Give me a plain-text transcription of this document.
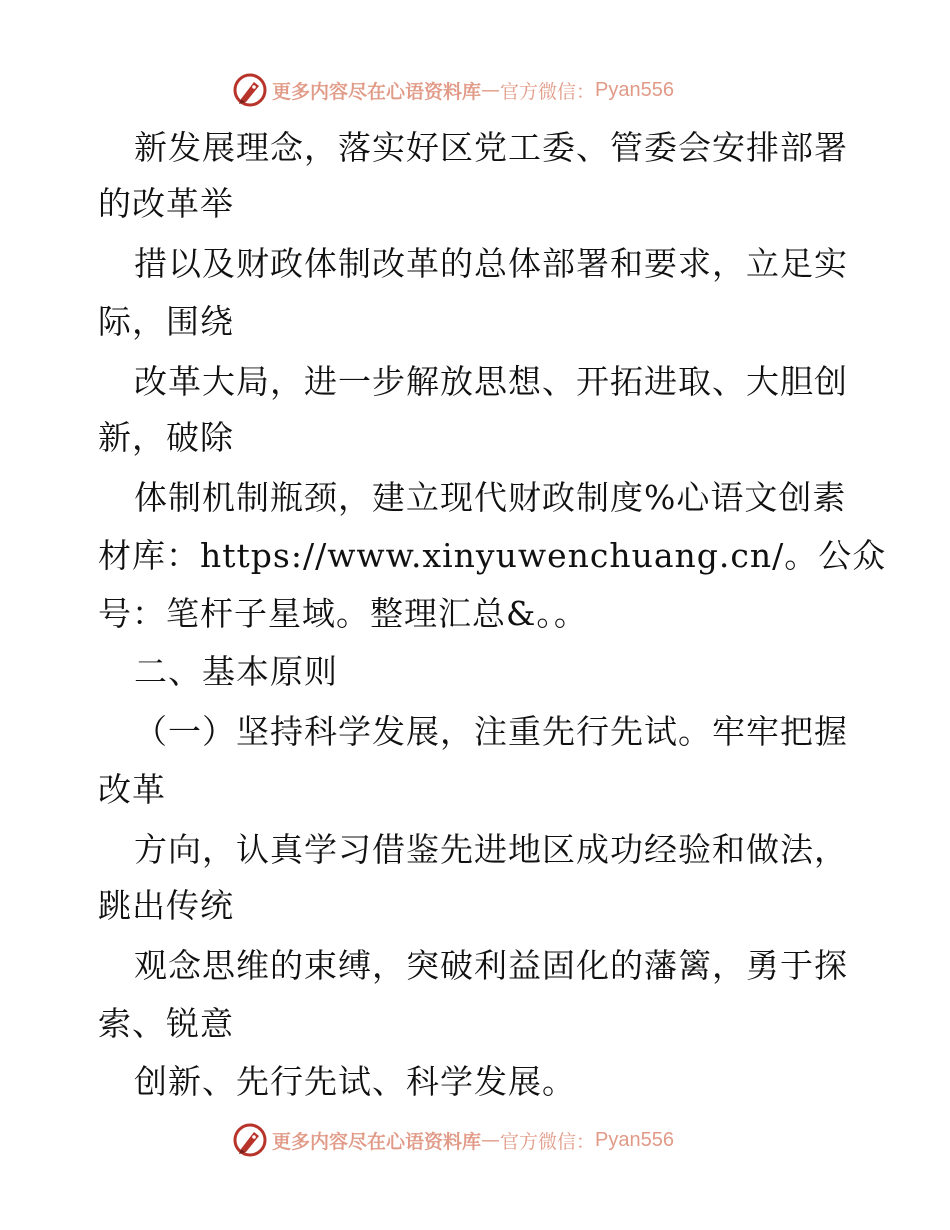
更多内容尽在心语资料库 — 官方微信： Pyan556
新发展理念，落实好区党工委、管委会安排部署
的改革举
措以及财政体制改革的总体部署和要求，立足实
际，围绕
改革大局，进一步解放思想、开拓进取、大胆创
新，破除
体制机制瓶颈，建立现代财政制度%心语文创素
材库：https://www.xinyuwenchuang.cn/。公众
号：笔杆子星域。整理汇总&。。
二、基本原则
（一）坚持科学发展，注重先行先试。牢牢把握
改革
方向，认真学习借鉴先进地区成功经验和做法，
跳出传统
观念思维的束缚，突破利益固化的藩篱，勇于探
索、锐意
创新、先行先试、科学发展。
更多内容尽在心语资料库 — 官方微信： Pyan556
